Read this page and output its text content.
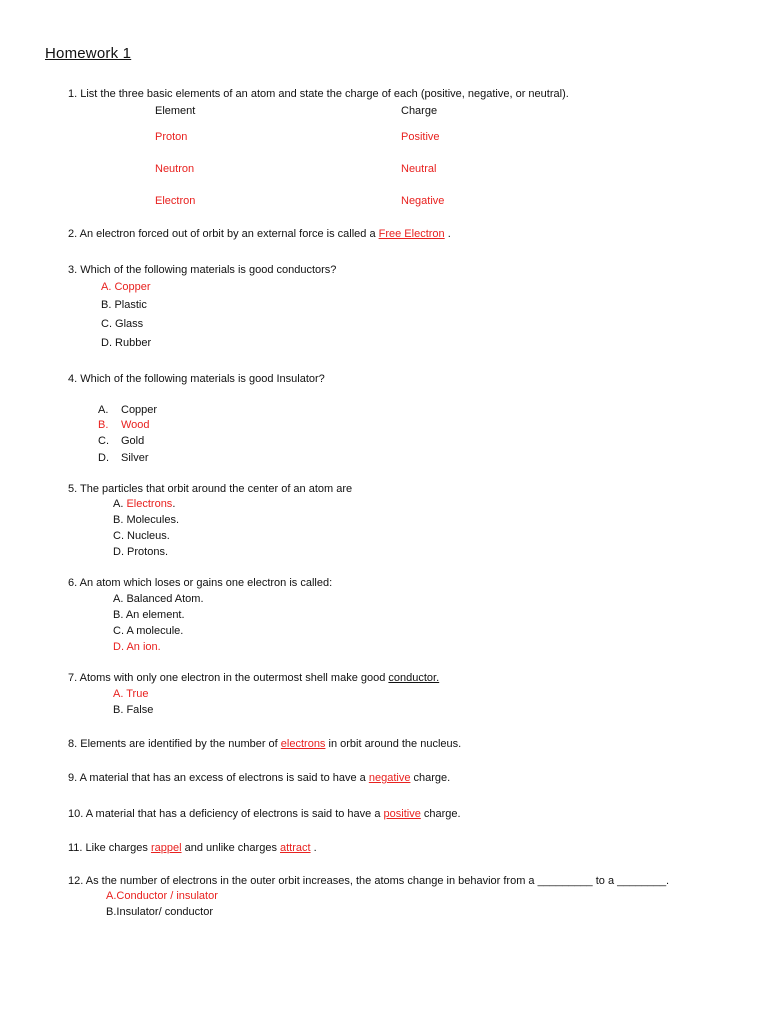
Homework 1
1. List the three basic elements of an atom and state the charge of each (positive, negative, or neutral).
Element	Charge
Proton	Positive
Neutron	Neutral
Electron	Negative
2. An electron forced out of orbit by an external force is called a Free Electron .
3. Which of the following materials is good conductors?
A. Copper
B. Plastic
C. Glass
D. Rubber
4. Which of the following materials is good Insulator?
A. Copper
B. Wood
C. Gold
D. Silver
5. The particles that orbit around the center of an atom are
A. Electrons.
B. Molecules.
C. Nucleus.
D. Protons.
6. An atom which loses or gains one electron is called:
A. Balanced Atom.
B. An element.
C. A molecule.
D. An ion.
7. Atoms with only one electron in the outermost shell make good conductor.
A. True
B. False
8. Elements are identified by the number of electrons in orbit around the nucleus.
9. A material that has an excess of electrons is said to have a negative charge.
10. A material that has a deficiency of electrons is said to have a positive charge.
11. Like charges rappel and unlike charges attract .
12. As the number of electrons in the outer orbit increases, the atoms change in behavior from a _________ to a ________.
A.Conductor / insulator
B.Insulator/ conductor
